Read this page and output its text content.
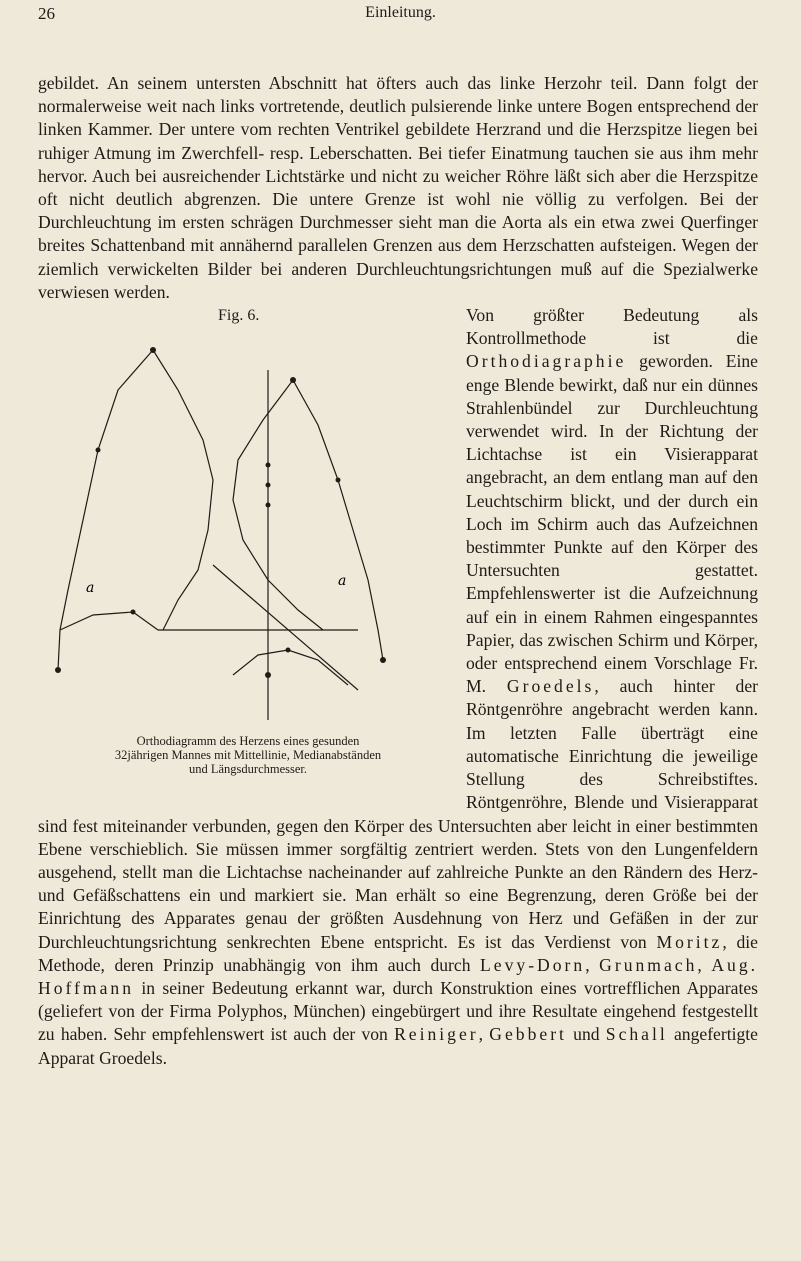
26	Einleitung.

gebildet. An seinem untersten Abschnitt hat öfters auch das linke Herzohr teil. Dann folgt der normalerweise weit nach links vortretende, deutlich pulsierende linke untere Bogen entsprechend der linken Kammer. Der untere vom rechten Ventrikel gebildete Herzrand und die Herzspitze liegen bei ruhiger Atmung im Zwerchfell- resp. Leberschatten. Bei tiefer Einatmung tauchen sie aus ihm mehr hervor. Auch bei ausreichender Lichtstärke und nicht zu weicher Röhre läßt sich aber die Herzspitze oft nicht deutlich abgrenzen. Die untere Grenze ist wohl nie völlig zu verfolgen. Bei der Durchleuchtung im ersten schrägen Durchmesser sieht man die Aorta als ein etwa zwei Querfinger breites Schattenband mit annähernd parallelen Grenzen aus dem Herzschatten aufsteigen. Wegen der ziemlich verwickelten Bilder bei anderen Durchleuchtungsrichtungen muß auf die Spezialwerke verwiesen werden.

Fig. 6.
a	a
Orthodiagramm des Herzens eines gesunden
32jährigen Mannes mit Mittellinie, Medianabständen
und Längsdurchmesser.

Von größter Bedeutung als Kontrollmethode ist die Orthodiagraphie geworden. Eine enge Blende bewirkt, daß nur ein dünnes Strahlenbündel zur Durchleuchtung verwendet wird. In der Richtung der Lichtachse ist ein Visierapparat angebracht, an dem entlang man auf den Leuchtschirm blickt, und der durch ein Loch im Schirm auch das Aufzeichnen bestimmter Punkte auf den Körper des Untersuchten gestattet. Empfehlenswerter ist die Aufzeichnung auf ein in einem Rahmen eingespanntes Papier, das zwischen Schirm und Körper, oder entsprechend einem Vorschlage Fr. M. Groedels, auch hinter der Röntgenröhre angebracht werden kann. Im letzten Falle überträgt eine automatische Einrichtung die jeweilige Stellung des Schreibstiftes. Röntgenröhre, Blende und Visierapparat sind fest miteinander verbunden, gegen den Körper des Untersuchten aber leicht in einer bestimmten Ebene verschieblich. Sie müssen immer sorgfältig zentriert werden. Stets von den Lungenfeldern ausgehend, stellt man die Lichtachse nacheinander auf zahlreiche Punkte an den Rändern des Herz- und Gefäßschattens ein und markiert sie. Man erhält so eine Begrenzung, deren Größe bei der Einrichtung des Apparates genau der größten Ausdehnung von Herz und Gefäßen in der zur Durchleuchtungsrichtung senkrechten Ebene entspricht. Es ist das Verdienst von Moritz, die Methode, deren Prinzip unabhängig von ihm auch durch Levy-Dorn, Grunmach, Aug. Hoffmann in seiner Bedeutung erkannt war, durch Konstruktion eines vortrefflichen Apparates (geliefert von der Firma Polyphos, München) eingebürgert und ihre Resultate eingehend festgestellt zu haben. Sehr empfehlenswert ist auch der von Reiniger, Gebbert und Schall angefertigte Apparat Groedels.
